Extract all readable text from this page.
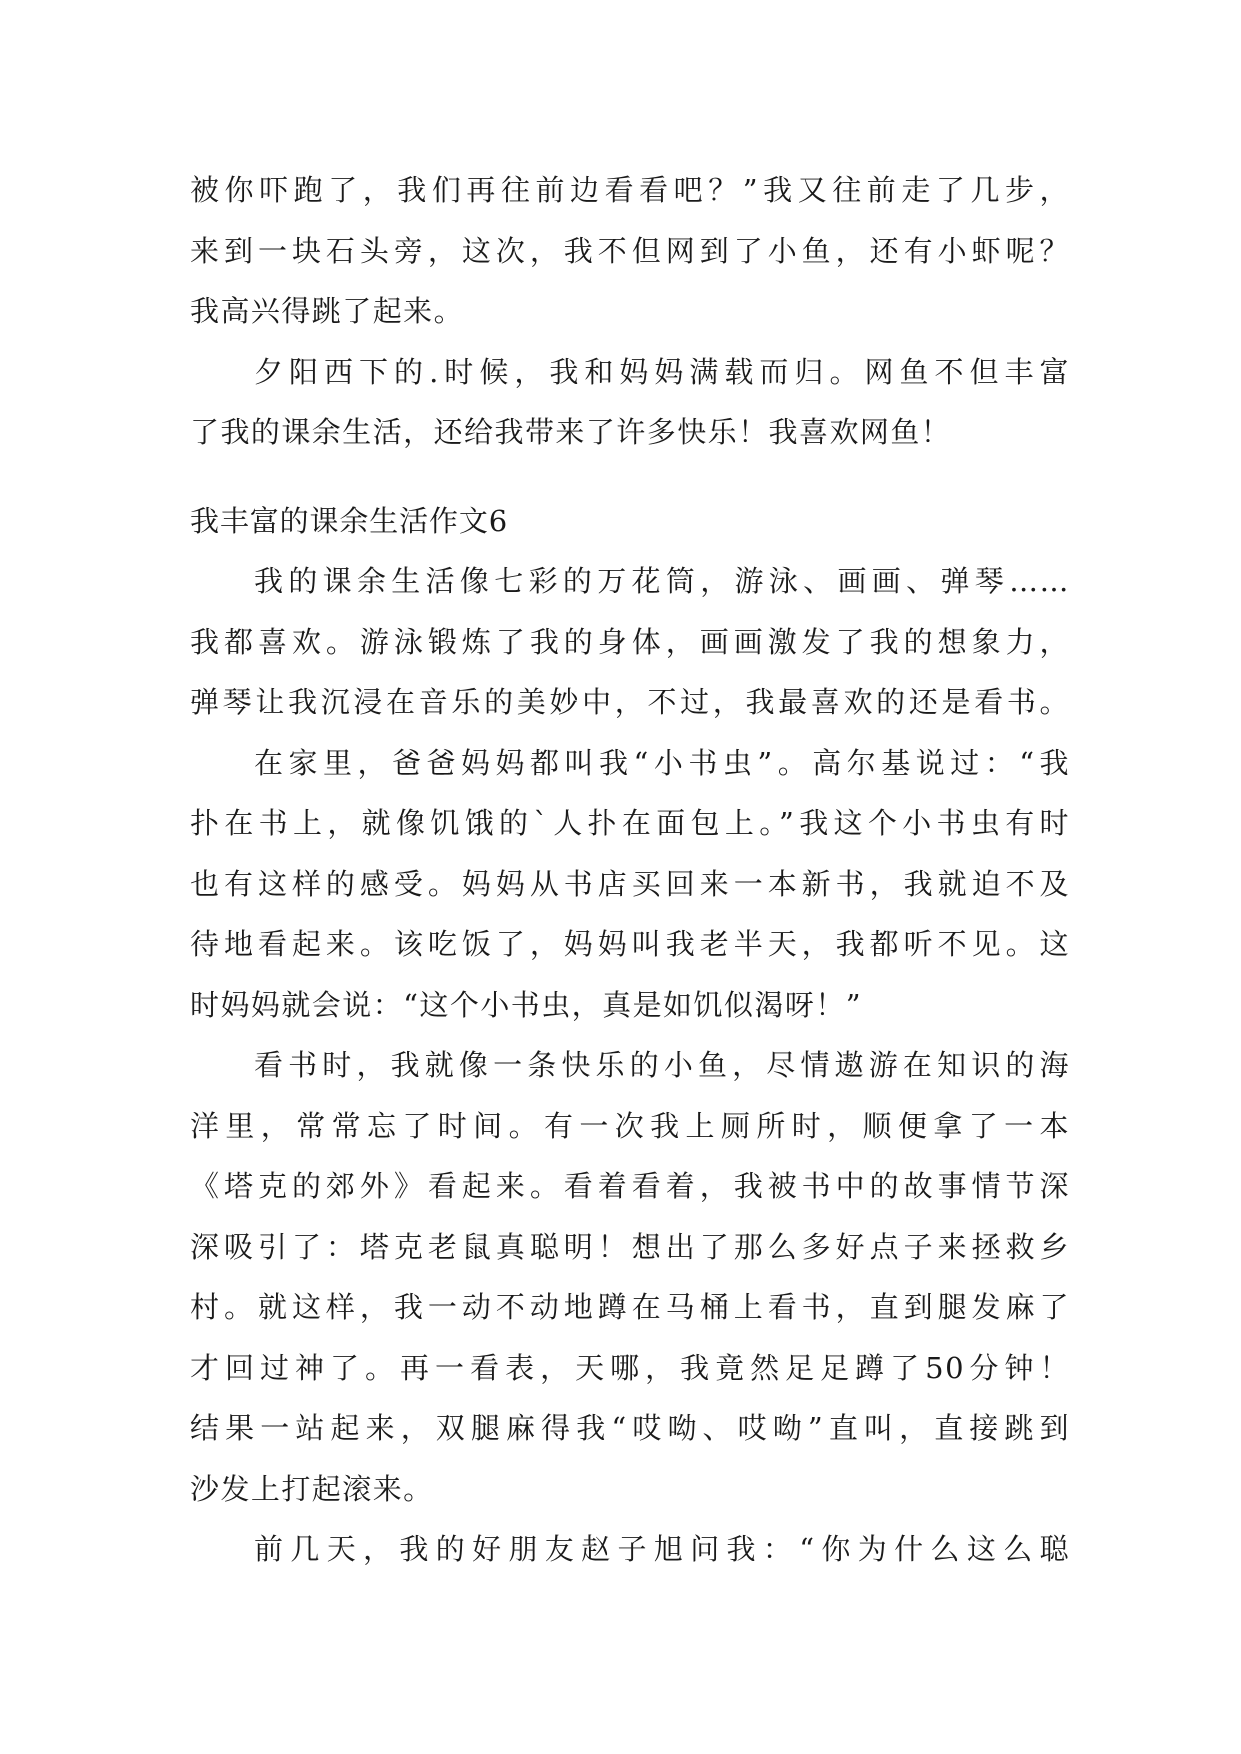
被你吓跑了，我们再往前边看看吧？”我又往前走了几步，
来到一块石头旁，这次，我不但网到了小鱼，还有小虾呢？
我高兴得跳了起来。
夕阳西下的.时候，我和妈妈满载而归。网鱼不但丰富
了我的课余生活，还给我带来了许多快乐！我喜欢网鱼！
我丰富的课余生活作文6
我的课余生活像七彩的万花筒，游泳、画画、弹琴……
我都喜欢。游泳锻炼了我的身体，画画激发了我的想象力，
弹琴让我沉浸在音乐的美妙中，不过，我最喜欢的还是看书。
在家里，爸爸妈妈都叫我“小书虫”。高尔基说过：“我
扑在书上，就像饥饿的`人扑在面包上。”我这个小书虫有时
也有这样的感受。妈妈从书店买回来一本新书，我就迫不及
待地看起来。该吃饭了，妈妈叫我老半天，我都听不见。这
时妈妈就会说：“这个小书虫，真是如饥似渴呀！”
看书时，我就像一条快乐的小鱼，尽情遨游在知识的海
洋里，常常忘了时间。有一次我上厕所时，顺便拿了一本
《塔克的郊外》看起来。看着看着，我被书中的故事情节深
深吸引了：塔克老鼠真聪明！想出了那么多好点子来拯救乡
村。就这样，我一动不动地蹲在马桶上看书，直到腿发麻了
才回过神了。再一看表，天哪，我竟然足足蹲了50分钟！
结果一站起来，双腿麻得我“哎呦、哎呦”直叫，直接跳到
沙发上打起滚来。
前几天，我的好朋友赵子旭问我：“你为什么这么聪
